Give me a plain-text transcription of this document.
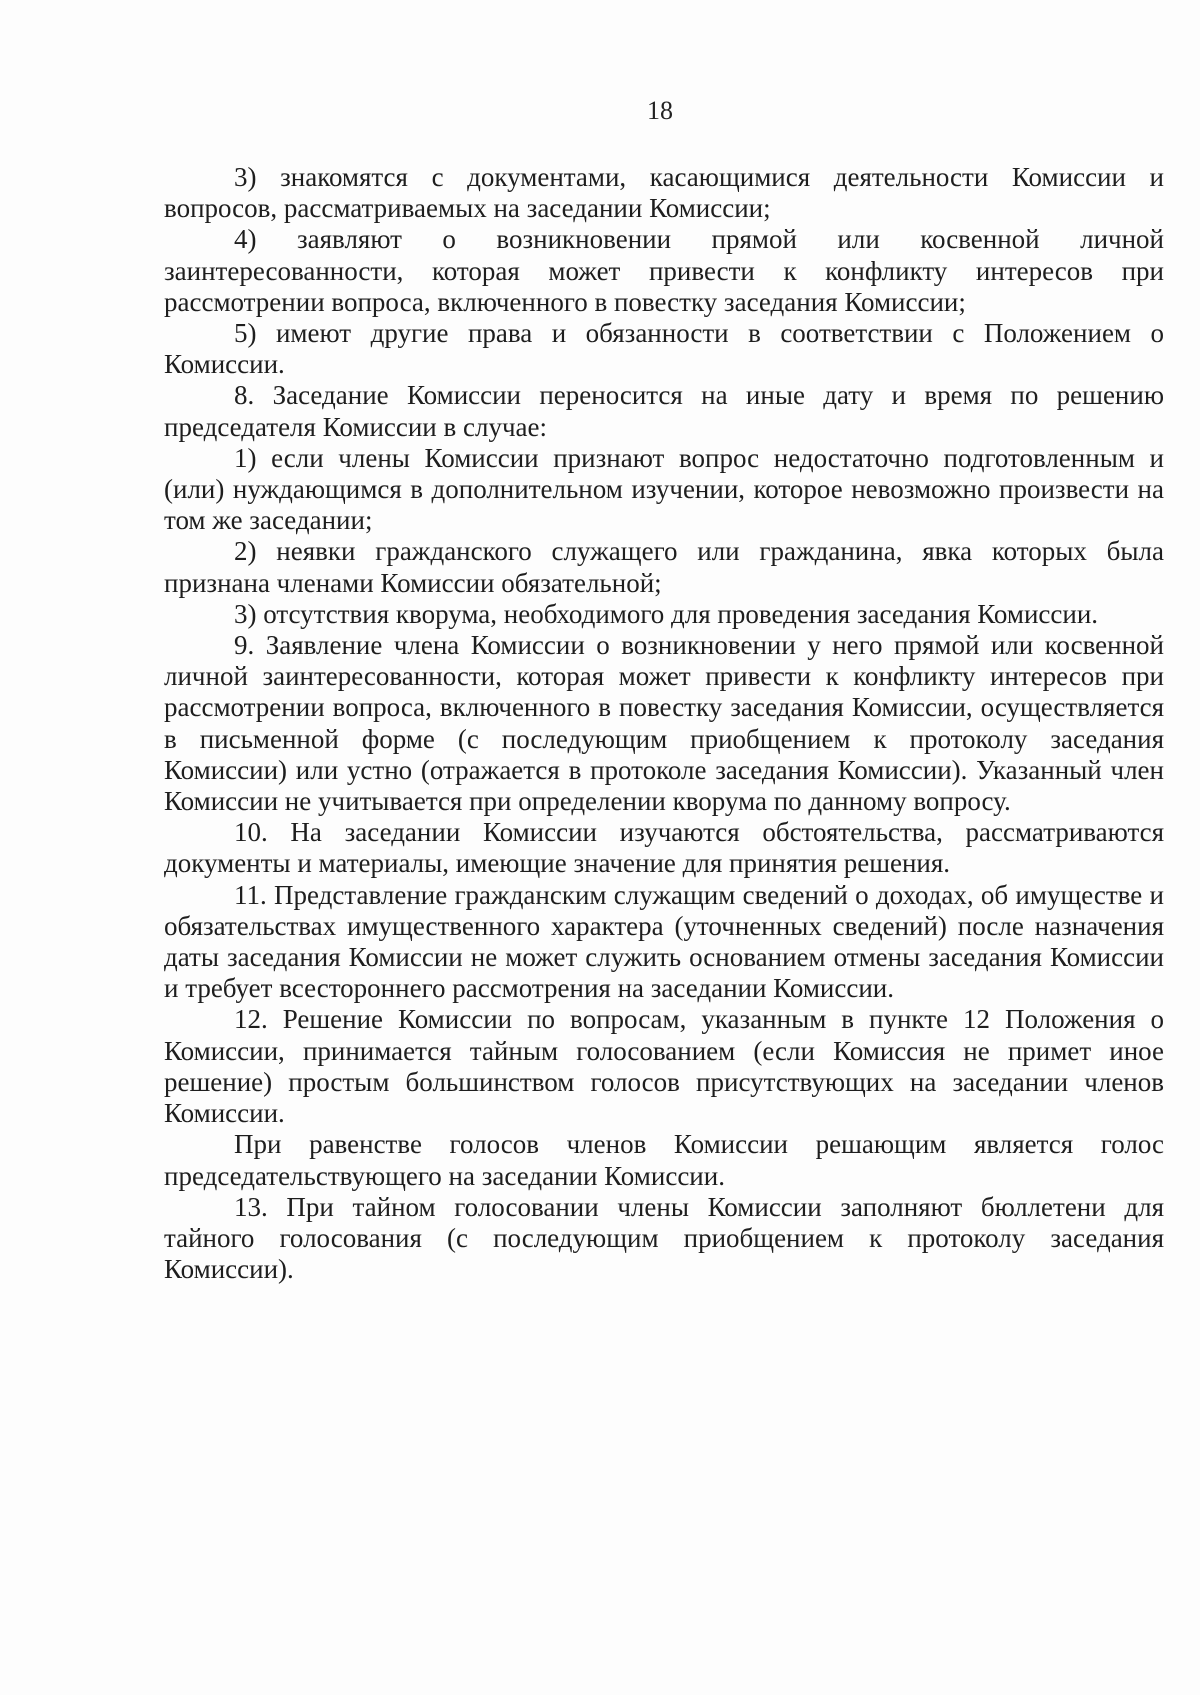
18

3) знакомятся с документами, касающимися деятельности Комиссии и вопросов, рассматриваемых на заседании Комиссии;

4) заявляют о возникновении прямой или косвенной личной заинтересованности, которая может привести к конфликту интересов при рассмотрении вопроса, включенного в повестку заседания Комиссии;

5) имеют другие права и обязанности в соответствии с Положением о Комиссии.

8. Заседание Комиссии переносится на иные дату и время по решению председателя Комиссии в случае:

1) если члены Комиссии признают вопрос недостаточно подготовленным и (или) нуждающимся в дополнительном изучении, которое невозможно произвести на том же заседании;

2) неявки гражданского служащего или гражданина, явка которых была признана членами Комиссии обязательной;

3) отсутствия кворума, необходимого для проведения заседания Комиссии.

9. Заявление члена Комиссии о возникновении у него прямой или косвенной личной заинтересованности, которая может привести к конфликту интересов при рассмотрении вопроса, включенного в повестку заседания Комиссии, осуществляется в письменной форме (с последующим приобщением к протоколу заседания Комиссии) или устно (отражается в протоколе заседания Комиссии). Указанный член Комиссии не учитывается при определении кворума по данному вопросу.

10. На заседании Комиссии изучаются обстоятельства, рассматриваются документы и материалы, имеющие значение для принятия решения.

11. Представление гражданским служащим сведений о доходах, об имуществе и обязательствах имущественного характера (уточненных сведений) после назначения даты заседания Комиссии не может служить основанием отмены заседания Комиссии и требует всестороннего рассмотрения на заседании Комиссии.

12. Решение Комиссии по вопросам, указанным в пункте 12 Положения о Комиссии, принимается тайным голосованием (если Комиссия не примет иное решение) простым большинством голосов присутствующих на заседании членов Комиссии.

При равенстве голосов членов Комиссии решающим является голос председательствующего на заседании Комиссии.

13. При тайном голосовании члены Комиссии заполняют бюллетени для тайного голосования (с последующим приобщением к протоколу заседания Комиссии).
